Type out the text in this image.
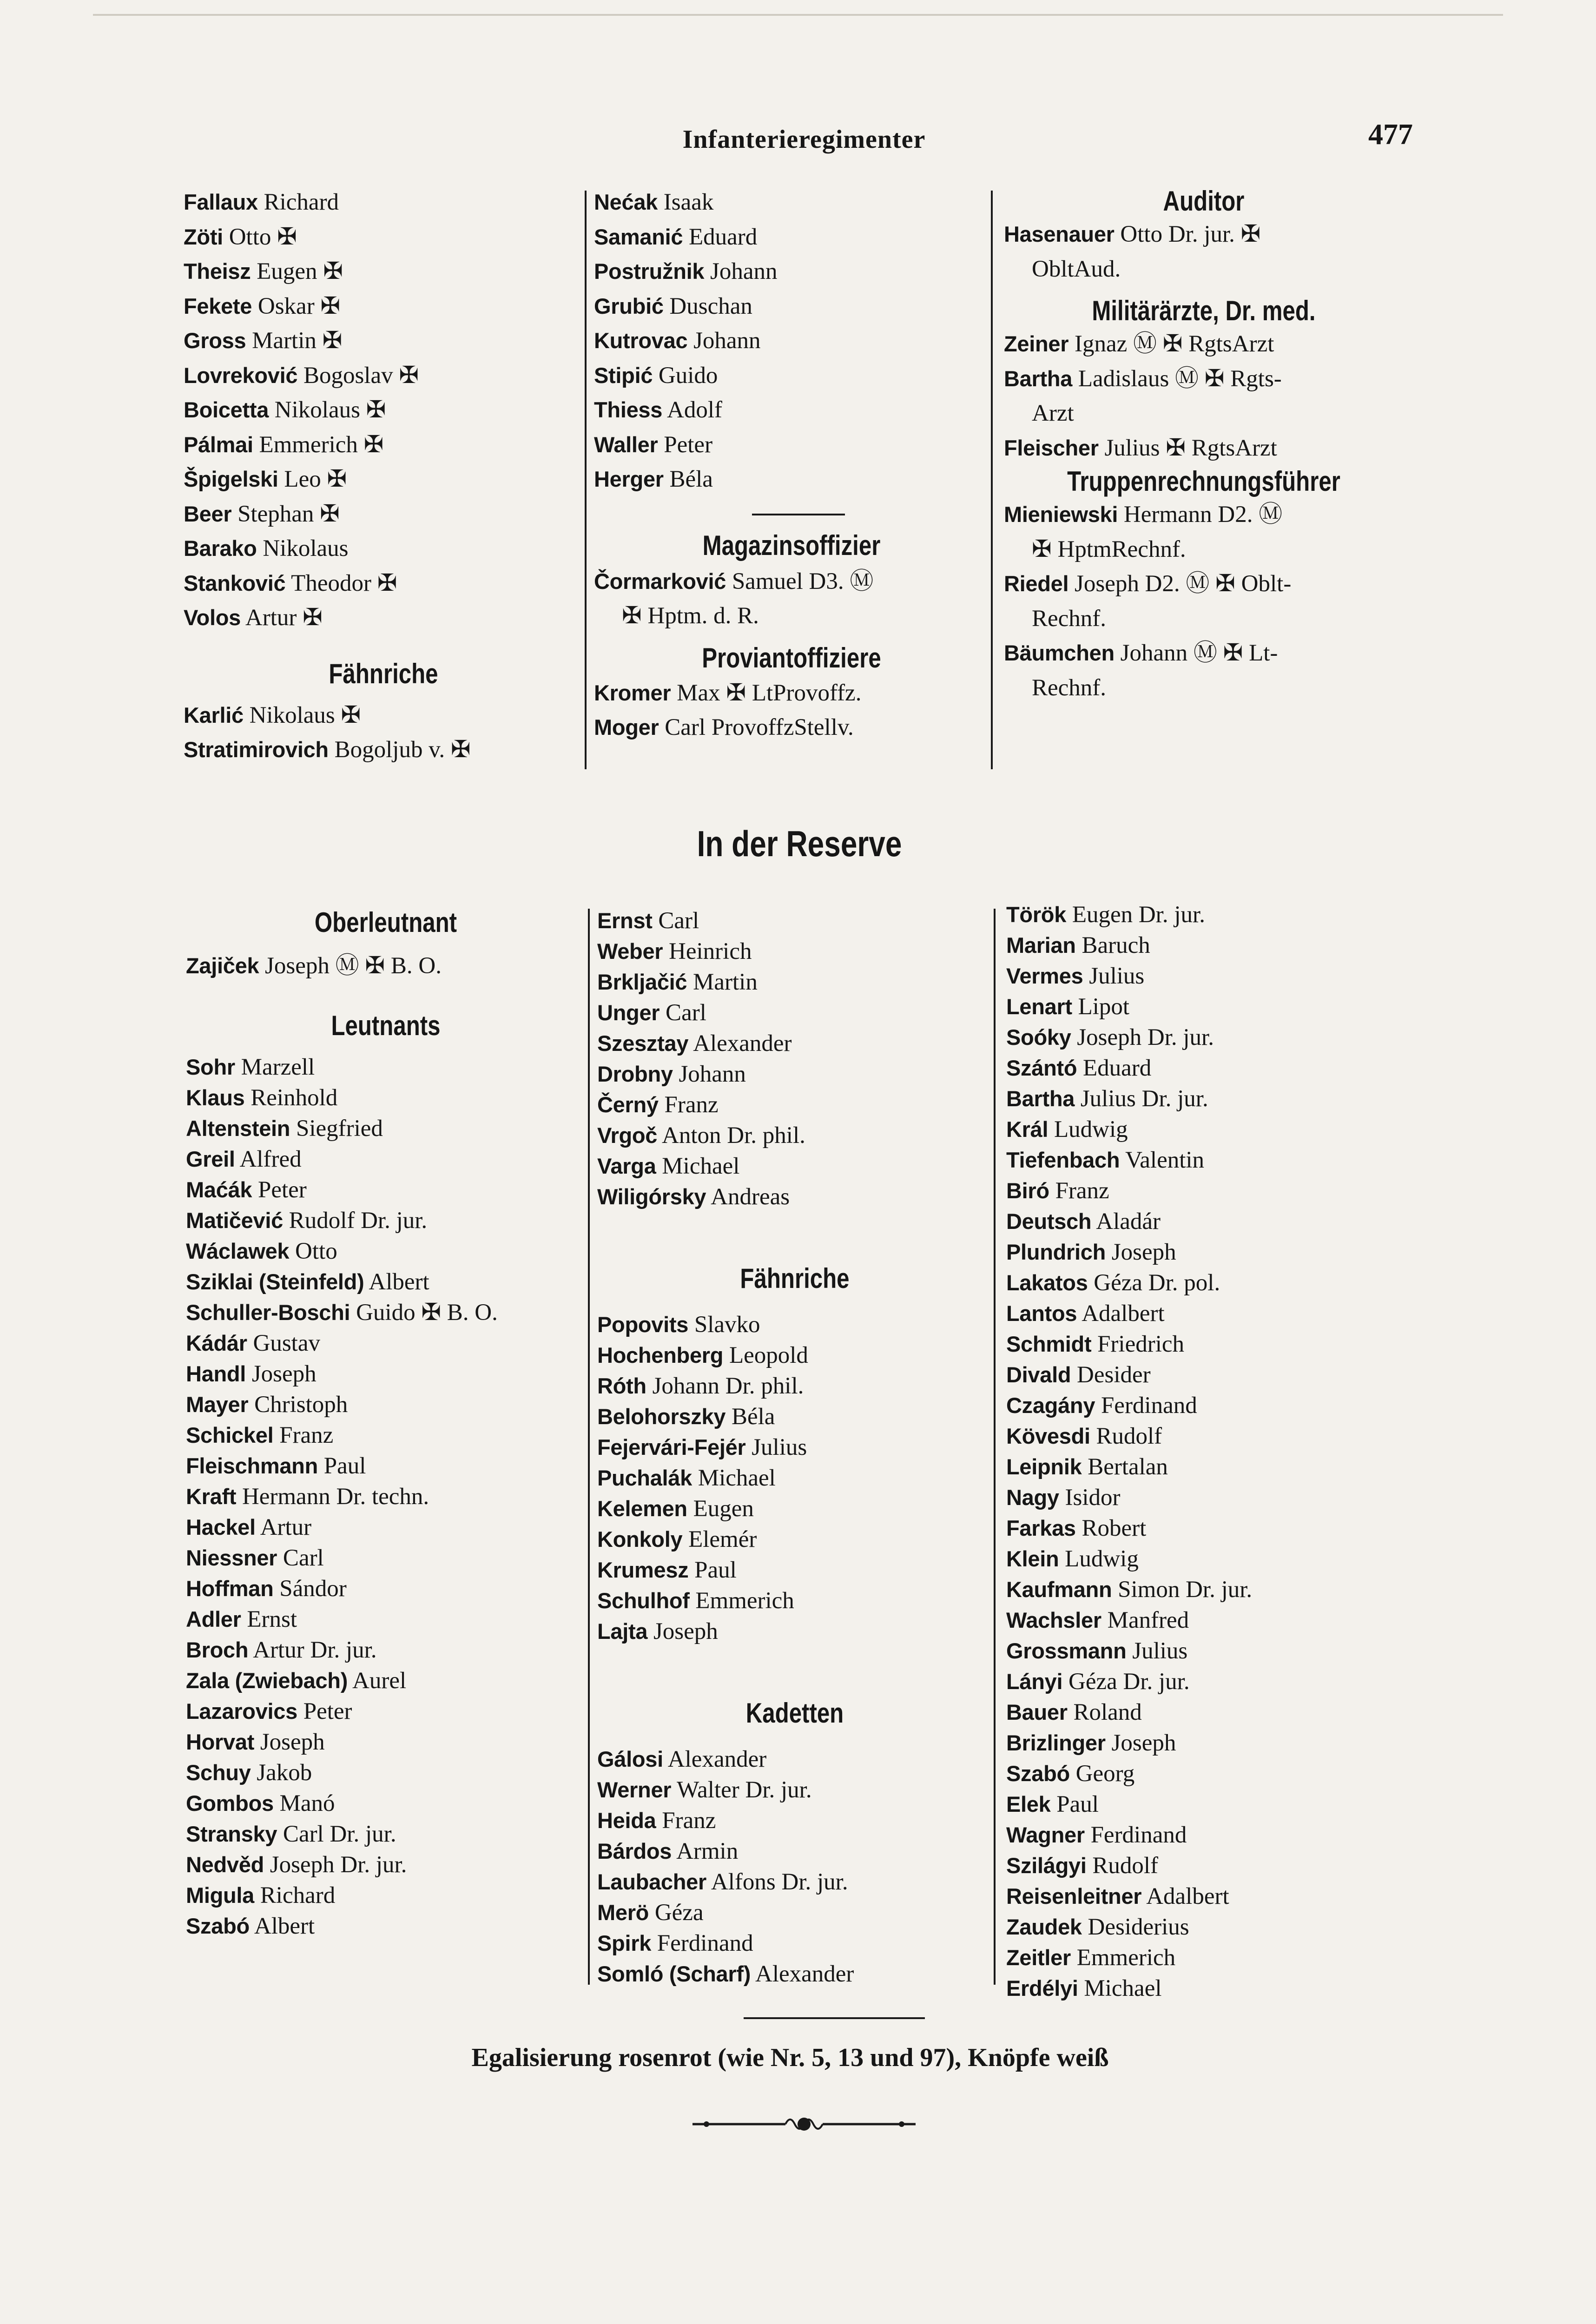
Infanterieregimenter	477
Fallaux Richard
Zöti Otto ✠
Theisz Eugen ✠
Fekete Oskar ✠
Gross Martin ✠
Lovreković Bogoslav ✠
Boicetta Nikolaus ✠
Pálmai Emmerich ✠
Špigelski Leo ✠
Beer Stephan ✠
Barako Nikolaus
Stanković Theodor ✠
Volos Artur ✠
Fähnriche
Karlić Nikolaus ✠
Stratimirovich Bogoljub v. ✠
Nećak Isaak
Samanić Eduard
Postružnik Johann
Grubić Duschan
Kutrovac Johann
Stipić Guido
Thiess Adolf
Waller Peter
Herger Béla
Magazinsoffizier
Čormarković Samuel D3. Ⓜ
✠ Hptm. d. R.
Proviantoffiziere
Kromer Max ✠ LtProvoffz.
Moger Carl ProvoffzStellv.
Auditor
Hasenauer Otto Dr. jur. ✠
ObltAud.
Militärärzte, Dr. med.
Zeiner Ignaz Ⓜ ✠ RgtsArzt
Bartha Ladislaus Ⓜ ✠ Rgts-
Arzt
Fleischer Julius ✠ RgtsArzt
Truppenrechnungsführer
Mieniewski Hermann D2. Ⓜ
✠ HptmRechnf.
Riedel Joseph D2. Ⓜ ✠ Oblt-
Rechnf.
Bäumchen Johann Ⓜ ✠ Lt-
Rechnf.
In der Reserve
Oberleutnant
Zajiček Joseph Ⓜ ✠ B. O.
Leutnants
Sohr Marzell
Klaus Reinhold
Altenstein Siegfried
Greil Alfred
Maćák Peter
Matičević Rudolf Dr. jur.
Wáclawek Otto
Sziklai (Steinfeld) Albert
Schuller-Boschi Guido ✠ B. O.
Kádár Gustav
Handl Joseph
Mayer Christoph
Schickel Franz
Fleischmann Paul
Kraft Hermann Dr. techn.
Hackel Artur
Niessner Carl
Hoffman Sándor
Adler Ernst
Broch Artur Dr. jur.
Zala (Zwiebach) Aurel
Lazarovics Peter
Horvat Joseph
Schuy Jakob
Gombos Manó
Stransky Carl Dr. jur.
Nedvěd Joseph Dr. jur.
Migula Richard
Szabó Albert
Ernst Carl
Weber Heinrich
Brkljačić Martin
Unger Carl
Szesztay Alexander
Drobny Johann
Černý Franz
Vrgoč Anton Dr. phil.
Varga Michael
Wiligórsky Andreas
Fähnriche
Popovits Slavko
Hochenberg Leopold
Róth Johann Dr. phil.
Belohorszky Béla
Fejervári-Fejér Julius
Puchalák Michael
Kelemen Eugen
Konkoly Elemér
Krumesz Paul
Schulhof Emmerich
Lajta Joseph
Kadetten
Gálosi Alexander
Werner Walter Dr. jur.
Heida Franz
Bárdos Armin
Laubacher Alfons Dr. jur.
Merö Géza
Spirk Ferdinand
Somló (Scharf) Alexander
Török Eugen Dr. jur.
Marian Baruch
Vermes Julius
Lenart Lipot
Soóky Joseph Dr. jur.
Szántó Eduard
Bartha Julius Dr. jur.
Král Ludwig
Tiefenbach Valentin
Biró Franz
Deutsch Aladár
Plundrich Joseph
Lakatos Géza Dr. pol.
Lantos Adalbert
Schmidt Friedrich
Divald Desider
Czagány Ferdinand
Kövesdi Rudolf
Leipnik Bertalan
Nagy Isidor
Farkas Robert
Klein Ludwig
Kaufmann Simon Dr. jur.
Wachsler Manfred
Grossmann Julius
Lányi Géza Dr. jur.
Bauer Roland
Brizlinger Joseph
Szabó Georg
Elek Paul
Wagner Ferdinand
Szilágyi Rudolf
Reisenleitner Adalbert
Zaudek Desiderius
Zeitler Emmerich
Erdélyi Michael
Egalisierung rosenrot (wie Nr. 5, 13 und 97), Knöpfe weiß
